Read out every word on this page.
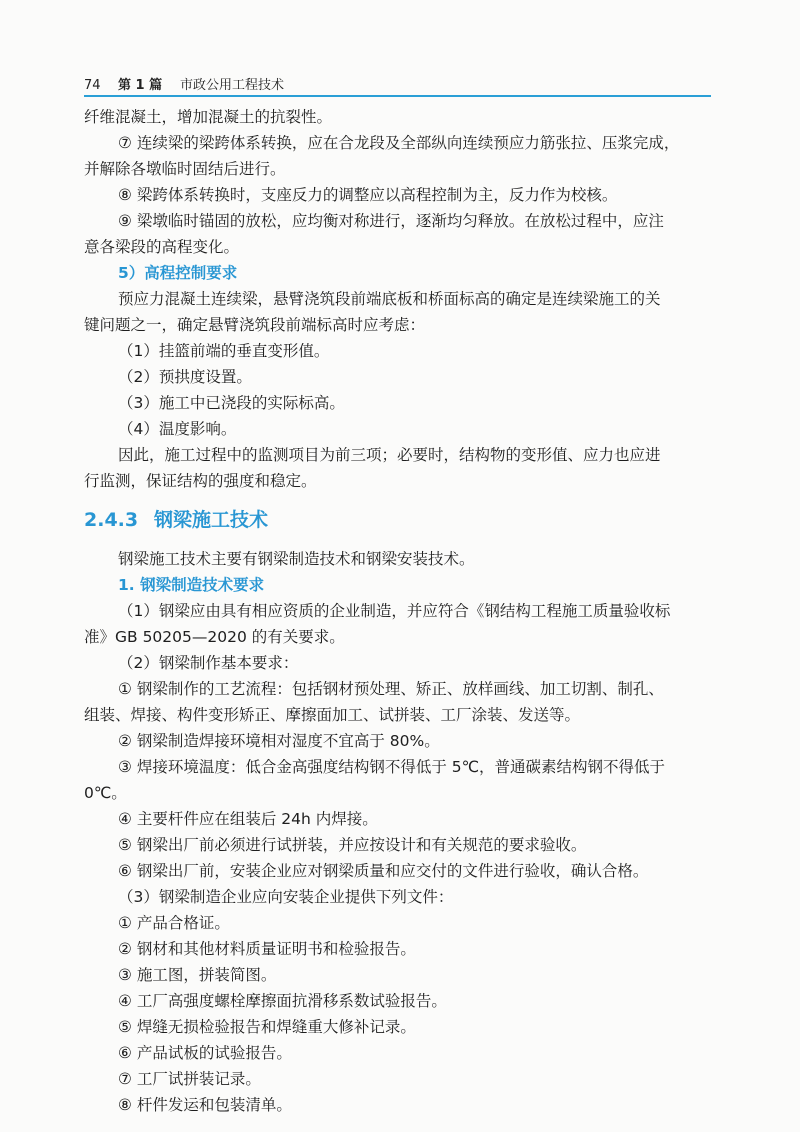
74 第 1 篇 市政公用工程技术
纤维混凝土，增加混凝土的抗裂性。
⑦ 连续梁的梁跨体系转换，应在合龙段及全部纵向连续预应力筋张拉、压浆完成，
并解除各墩临时固结后进行。
⑧ 梁跨体系转换时，支座反力的调整应以高程控制为主，反力作为校核。
⑨ 梁墩临时锚固的放松，应均衡对称进行，逐渐均匀释放。在放松过程中，应注
意各梁段的高程变化。
5）高程控制要求
预应力混凝土连续梁，悬臂浇筑段前端底板和桥面标高的确定是连续梁施工的关
键问题之一，确定悬臂浇筑段前端标高时应考虑：
（1）挂篮前端的垂直变形值。
（2）预拱度设置。
（3）施工中已浇段的实际标高。
（4）温度影响。
因此，施工过程中的监测项目为前三项；必要时，结构物的变形值、应力也应进
行监测，保证结构的强度和稳定。
2.4.3 钢梁施工技术
钢梁施工技术主要有钢梁制造技术和钢梁安装技术。
1. 钢梁制造技术要求
（1）钢梁应由具有相应资质的企业制造，并应符合《钢结构工程施工质量验收标
准》GB 50205—2020 的有关要求。
（2）钢梁制作基本要求：
① 钢梁制作的工艺流程：包括钢材预处理、矫正、放样画线、加工切割、制孔、
组装、焊接、构件变形矫正、摩擦面加工、试拼装、工厂涂装、发送等。
② 钢梁制造焊接环境相对湿度不宜高于 80%。
③ 焊接环境温度：低合金高强度结构钢不得低于 5℃，普通碳素结构钢不得低于
0℃。
④ 主要杆件应在组装后 24h 内焊接。
⑤ 钢梁出厂前必须进行试拼装，并应按设计和有关规范的要求验收。
⑥ 钢梁出厂前，安装企业应对钢梁质量和应交付的文件进行验收，确认合格。
（3）钢梁制造企业应向安装企业提供下列文件：
① 产品合格证。
② 钢材和其他材料质量证明书和检验报告。
③ 施工图，拼装简图。
④ 工厂高强度螺栓摩擦面抗滑移系数试验报告。
⑤ 焊缝无损检验报告和焊缝重大修补记录。
⑥ 产品试板的试验报告。
⑦ 工厂试拼装记录。
⑧ 杆件发运和包装清单。
